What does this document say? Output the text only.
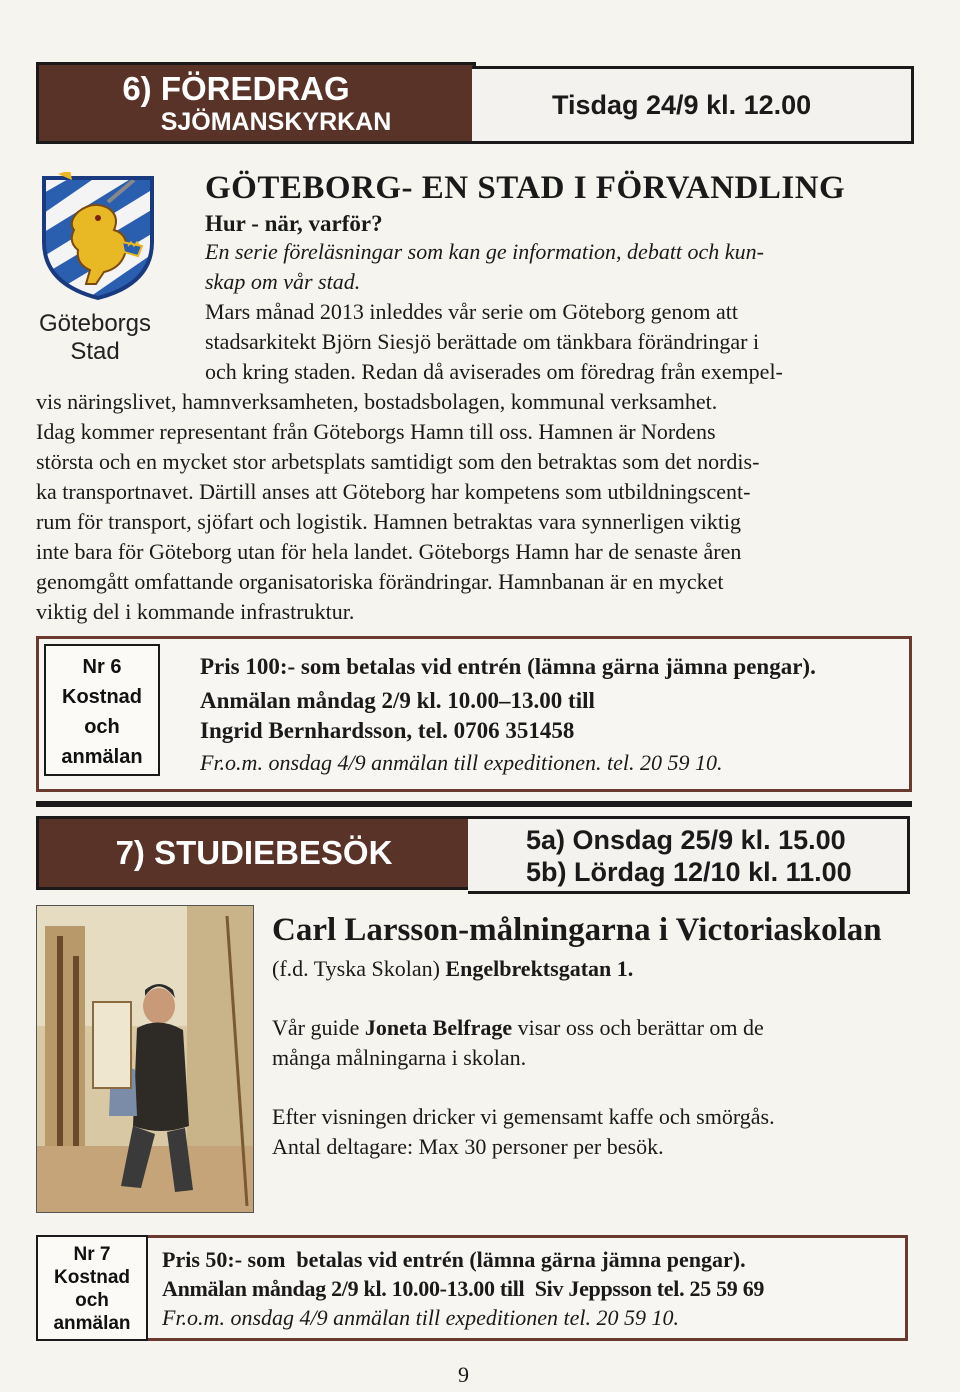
6) FÖREDRAG
SJÖMANSKYRKAN
Tisdag 24/9 kl. 12.00
Göteborgs
Stad
GÖTEBORG- EN STAD I FÖRVANDLING
Hur - när, varför?
En serie föreläsningar som kan ge information, debatt och kun-
skap om vår stad.
Mars månad 2013 inleddes vår serie om Göteborg genom att
stadsarkitekt Björn Siesjö berättade om tänkbara förändringar i
och kring staden. Redan då aviserades om föredrag från exempel-
vis näringslivet, hamnverksamheten, bostadsbolagen, kommunal verksamhet.
Idag kommer representant från Göteborgs Hamn till oss. Hamnen är Nordens
största och en mycket stor arbetsplats samtidigt som den betraktas som det nordis-
ka transportnavet. Därtill anses att Göteborg har kompetens som utbildningscent-
rum för transport, sjöfart och logistik. Hamnen betraktas vara synnerligen viktig
inte bara för Göteborg utan för hela landet. Göteborgs Hamn har de senaste åren
genomgått omfattande organisatoriska förändringar. Hamnbanan är en mycket
viktig del i kommande infrastruktur.
Nr 6
Kostnad
och
anmälan
Pris 100:- som betalas vid entrén (lämna gärna jämna pengar).
Anmälan måndag 2/9 kl. 10.00–13.00 till
Ingrid Bernhardsson, tel. 0706 351458
Fr.o.m. onsdag 4/9 anmälan till expeditionen. tel. 20 59 10.
7) STUDIEBESÖK	5a) Onsdag 25/9 kl. 15.00
5b) Lördag 12/10 kl. 11.00
Carl Larsson-målningarna i Victoriaskolan
(f.d. Tyska Skolan) Engelbrektsgatan 1.
Vår guide Joneta Belfrage visar oss och berättar om de
många målningarna i skolan.
Efter visningen dricker vi gemensamt kaffe och smörgås.
Antal deltagare: Max 30 personer per besök.
Nr 7
Kostnad
och
anmälan
Pris 50:- som  betalas vid entrén (lämna gärna jämna pengar).
Anmälan måndag 2/9 kl. 10.00-13.00 till  Siv Jeppsson tel. 25 59 69
Fr.o.m. onsdag 4/9 anmälan till expeditionen tel. 20 59 10.
9
